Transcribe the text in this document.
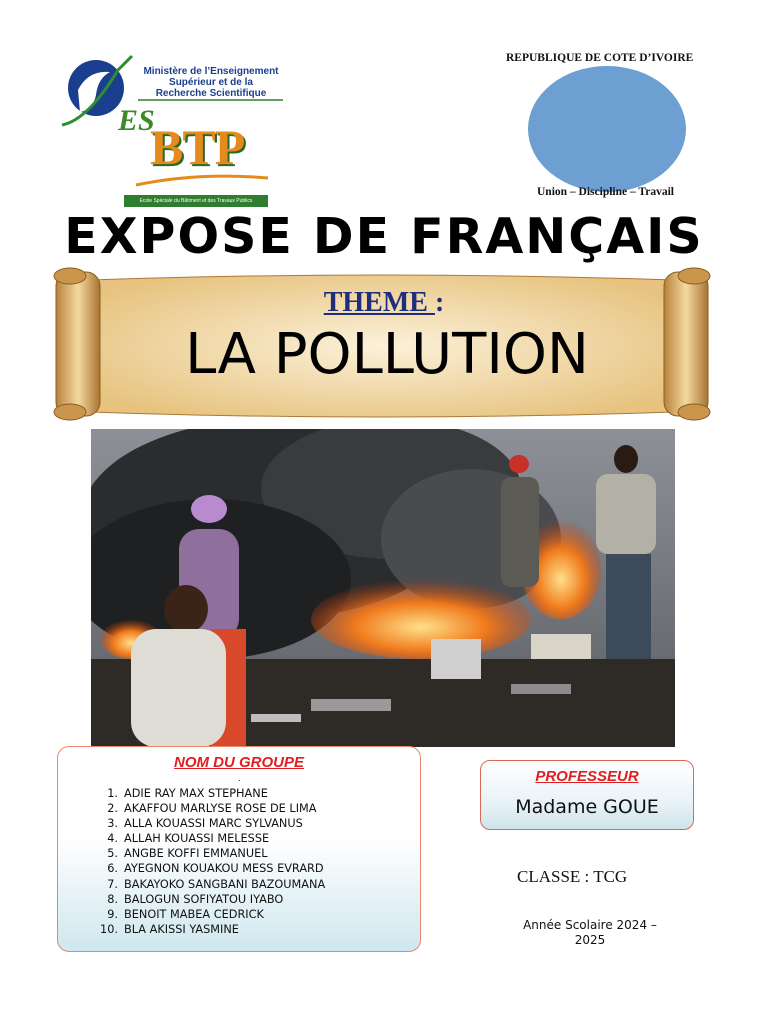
Ministère de l’Enseignement
Supérieur et de la
Recherche Scientifique
ES
BTP
Ecole Spéciale du Bâtiment et des Travaux Publics
REPUBLIQUE DE COTE D’IVOIRE
Union – Discipline – Travail
EXPOSE DE FRANÇAIS
THEME :
LA POLLUTION
NOM DU GROUPE
.
1. ADIE RAY MAX STEPHANE
2. AKAFFOU MARLYSE ROSE DE LIMA
3. ALLA KOUASSI MARC SYLVANUS
4. ALLAH KOUASSI MELESSE
5. ANGBE KOFFI EMMANUEL
6. AYEGNON KOUAKOU MESS EVRARD
7. BAKAYOKO SANGBANI BAZOUMANA
8. BALOGUN SOFIYATOU IYABO
9. BENOIT MABEA CEDRICK
10. BLA AKISSI YASMINE
PROFESSEUR
Madame GOUE
CLASSE : TCG
Année Scolaire 2024 – 2025
